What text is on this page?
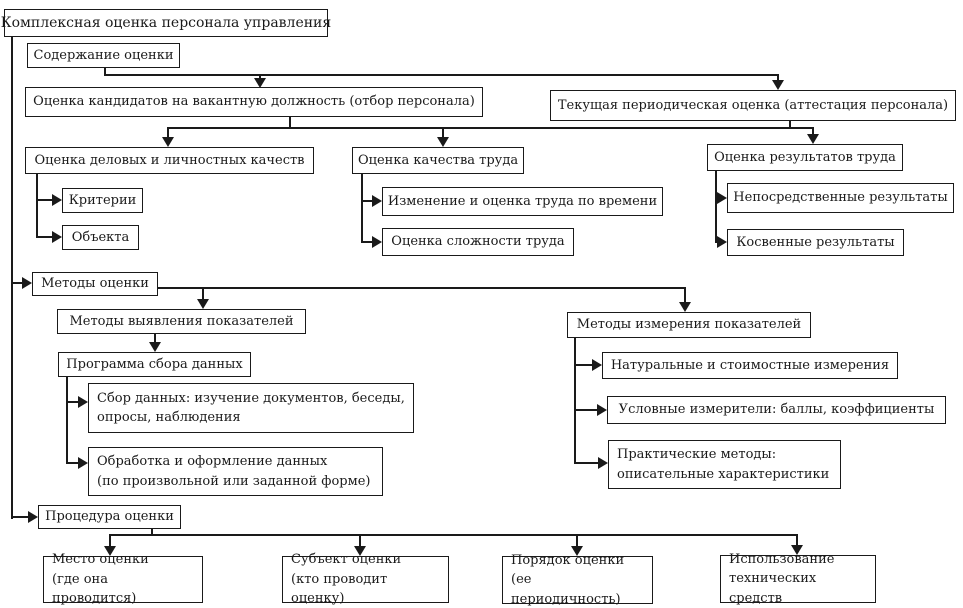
Комплексная оценка персонала управления
Содержание оценки
Оценка кандидатов на вакантную должность (отбор персонала)	Текущая периодическая оценка (аттестация персонала)
Оценка деловых и личностных качеств
Критерии
Объекта
Оценка качества труда
Изменение и оценка труда по времени
Оценка сложности труда
Оценка результатов труда
Непосредственные результаты
Косвенные результаты
Методы оценки
Методы выявления показателей
Программа сбора данных
Сбор данных: изучение документов, беседы,
опросы, наблюдения
Обработка и оформление данных
(по произвольной или заданной форме)
Методы измерения показателей
Натуральные и стоимостные измерения
Условные измерители: баллы, коэффициенты
Практические методы:
описательные характеристики
Процедура оценки
Место оценки
(где она проводится)
Субъект оценки
(кто проводит оценку)
Порядок оценки
(ее периодичность)
Использование
технических средств
